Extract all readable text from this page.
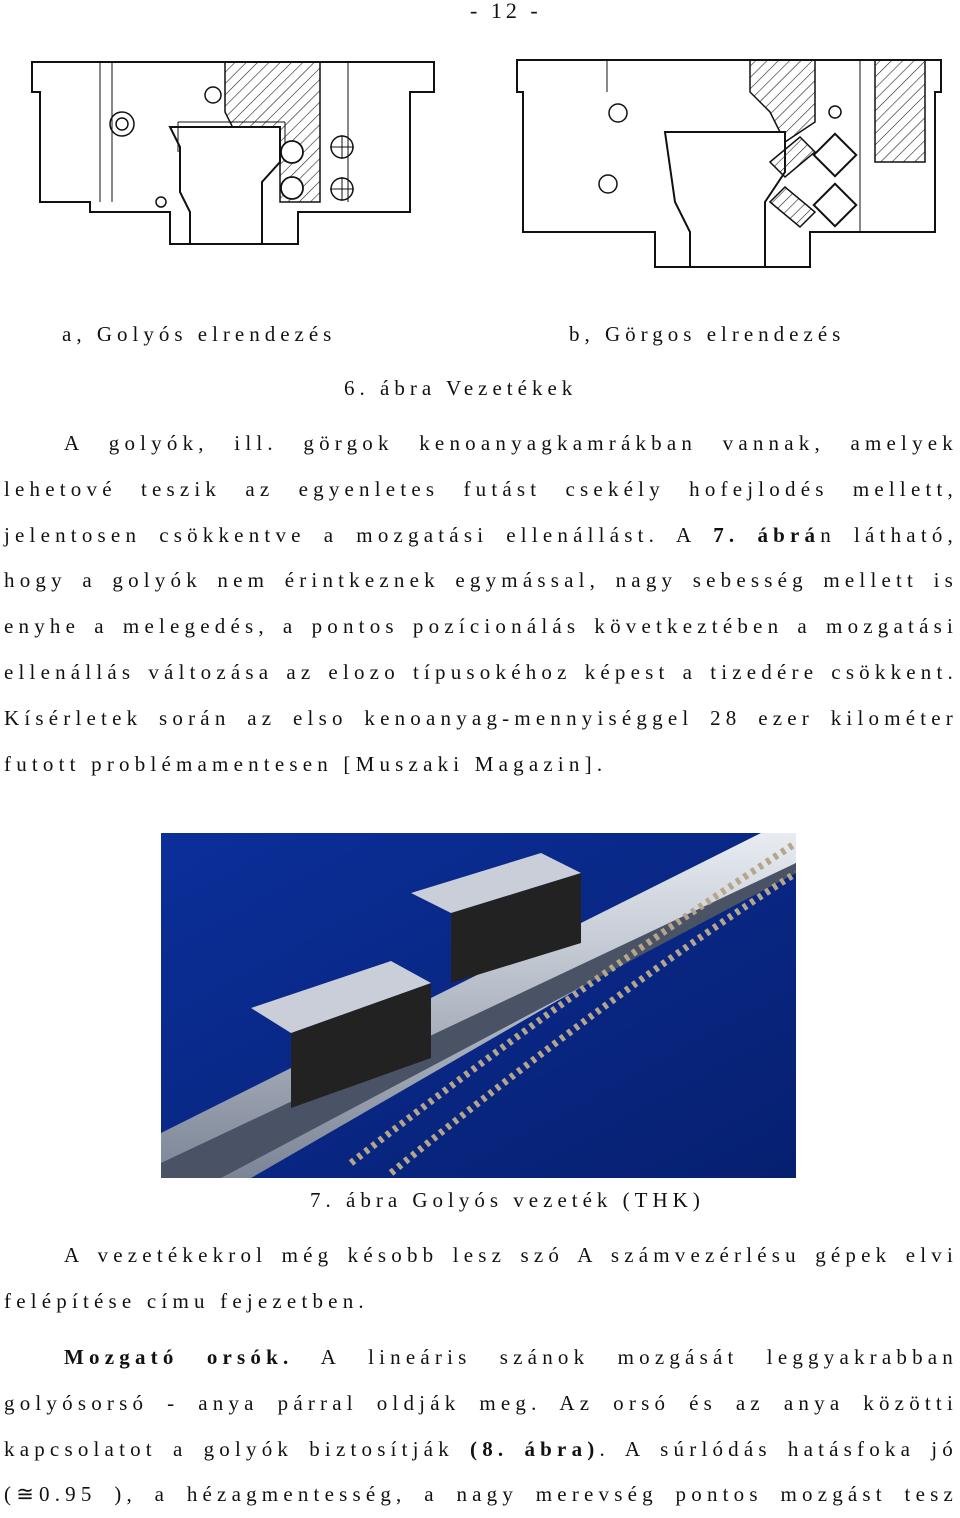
- 12 -
a, Golyós elrendezés	b, Görgos elrendezés
6. ábra Vezetékek
A golyók, ill. görgok kenoanyagkamrákban vannak, amelyek
lehetové teszik az egyenletes futást csekély hofejlodés mellett,
jelentosen csökkentve a mozgatási ellenállást. A 7. ábrán látható,
hogy a golyók nem érintkeznek egymással, nagy sebesség mellett is
enyhe a melegedés, a pontos pozícionálás következtében a mozgatási
ellenállás változása az elozo típusokéhoz képest a tizedére csökkent.
Kísérletek során az elso kenoanyag-mennyiséggel 28 ezer kilométer
futott problémamentesen [Muszaki Magazin].
7. ábra Golyós vezeték (THK)
A vezetékekrol még késobb lesz szó A számvezérlésu gépek elvi
felépítése címu fejezetben.
Mozgató orsók. A lineáris szánok mozgását leggyakrabban
golyósorsó - anya párral oldják meg. Az orsó és az anya közötti
kapcsolatot a golyók biztosítják (8. ábra). A súrlódás hatásfoka jó
(≅0.95 ), a hézagmentesség, a nagy merevség pontos mozgást tesz
